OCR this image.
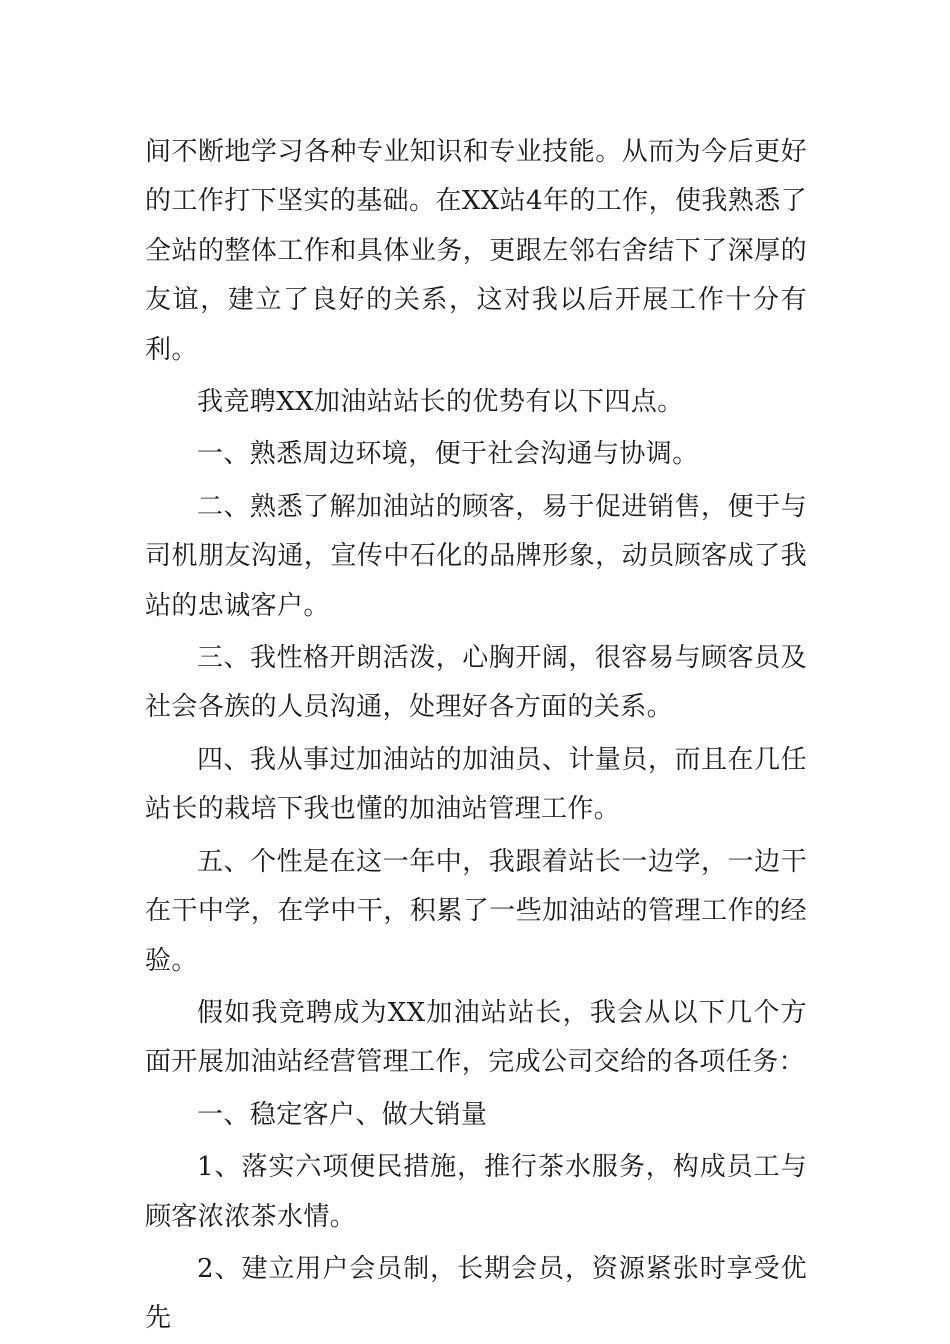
间不断地学习各种专业知识和专业技能。从而为今后更好的工作打下坚实的基础。在XX站4年的工作，使我熟悉了全站的整体工作和具体业务，更跟左邻右舍结下了深厚的友谊，建立了良好的关系，这对我以后开展工作十分有利。

我竞聘XX加油站站长的优势有以下四点。

一、熟悉周边环境，便于社会沟通与协调。

二、熟悉了解加油站的顾客，易于促进销售，便于与司机朋友沟通，宣传中石化的品牌形象，动员顾客成了我站的忠诚客户。

三、我性格开朗活泼，心胸开阔，很容易与顾客员及社会各族的人员沟通，处理好各方面的关系。

四、我从事过加油站的加油员、计量员，而且在几任站长的栽培下我也懂的加油站管理工作。

五、个性是在这一年中，我跟着站长一边学，一边干在干中学，在学中干，积累了一些加油站的管理工作的经验。

假如我竞聘成为XX加油站站长，我会从以下几个方面开展加油站经营管理工作，完成公司交给的各项任务：

一、稳定客户、做大销量

1、落实六项便民措施，推行茶水服务，构成员工与顾客浓浓茶水情。

2、建立用户会员制，长期会员，资源紧张时享受优先
